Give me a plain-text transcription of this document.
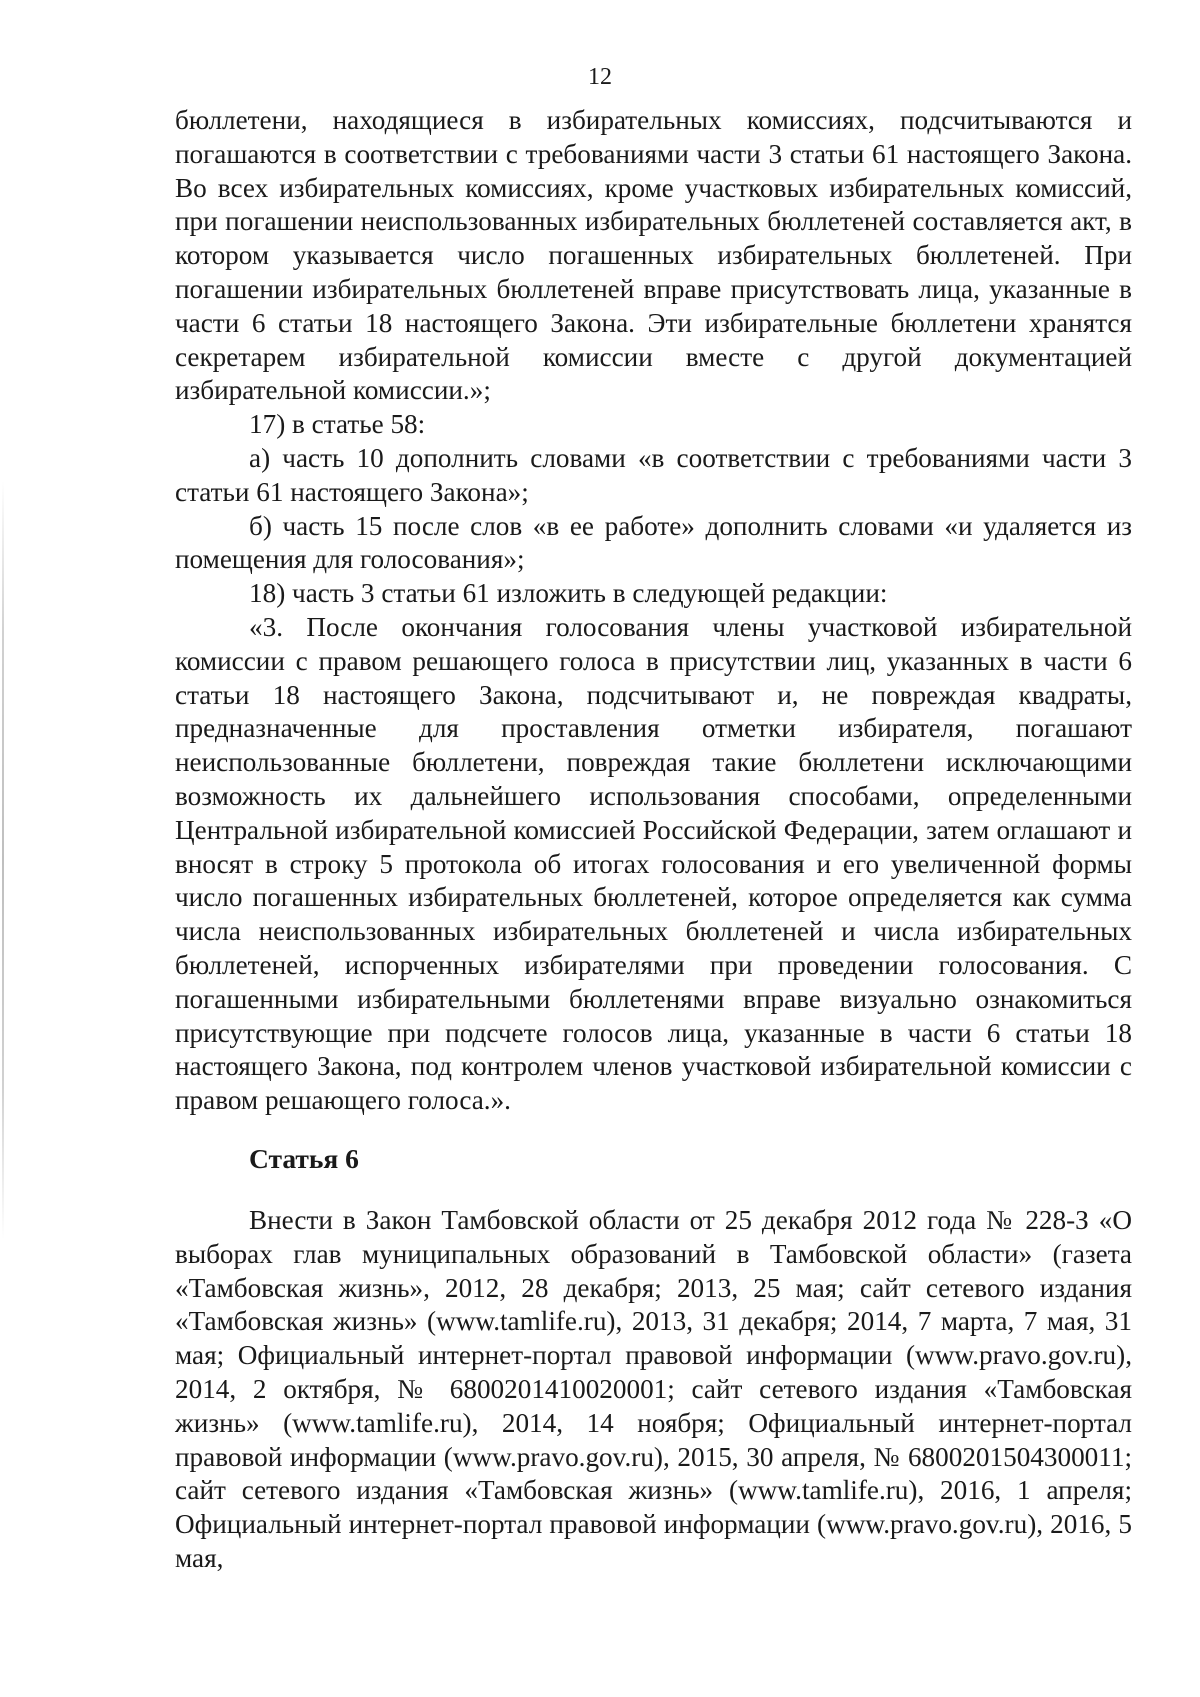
12

бюллетени, находящиеся в избирательных комиссиях, подсчитываются и погашаются в соответствии с требованиями части 3 статьи 61 настоящего Закона. Во всех избирательных комиссиях, кроме участковых избирательных комиссий, при погашении неиспользованных избирательных бюллетеней составляется акт, в котором указывается число погашенных избирательных бюллетеней. При погашении избирательных бюллетеней вправе присутствовать лица, указанные в части 6 статьи 18 настоящего Закона. Эти избирательные бюллетени хранятся секретарем избирательной комиссии вместе с другой документацией избирательной комиссии.»;

17) в статье 58:

а) часть 10 дополнить словами «в соответствии с требованиями части 3 статьи 61 настоящего Закона»;

б) часть 15 после слов «в ее работе» дополнить словами «и удаляется из помещения для голосования»;

18) часть 3 статьи 61 изложить в следующей редакции:

«3. После окончания голосования члены участковой избирательной комиссии с правом решающего голоса в присутствии лиц, указанных в части 6 статьи 18 настоящего Закона, подсчитывают и, не повреждая квадраты, предназначенные для проставления отметки избирателя, погашают неиспользованные бюллетени, повреждая такие бюллетени исключающими возможность их дальнейшего использования способами, определенными Центральной избирательной комиссией Российской Федерации, затем оглашают и вносят в строку 5 протокола об итогах голосования и его увеличенной формы число погашенных избирательных бюллетеней, которое определяется как сумма числа неиспользованных избирательных бюллетеней и числа избирательных бюллетеней, испорченных избирателями при проведении голосования. С погашенными избирательными бюллетенями вправе визуально ознакомиться присутствующие при подсчете голосов лица, указанные в части 6 статьи 18 настоящего Закона, под контролем членов участковой избирательной комиссии с правом решающего голоса.».

Статья 6

Внести в Закон Тамбовской области от 25 декабря 2012 года № 228-З «О выборах глав муниципальных образований в Тамбовской области» (газета «Тамбовская жизнь», 2012, 28 декабря; 2013, 25 мая; сайт сетевого издания «Тамбовская жизнь» (www.tamlife.ru), 2013, 31 декабря; 2014, 7 марта, 7 мая, 31 мая; Официальный интернет-портал правовой информации (www.pravo.gov.ru), 2014, 2 октября, № 6800201410020001; сайт сетевого издания «Тамбовская жизнь» (www.tamlife.ru), 2014, 14 ноября; Официальный интернет-портал правовой информации (www.pravo.gov.ru), 2015, 30 апреля, № 6800201504300011; сайт сетевого издания «Тамбовская жизнь» (www.tamlife.ru), 2016, 1 апреля; Официальный интернет-портал правовой информации (www.pravo.gov.ru), 2016, 5 мая,
